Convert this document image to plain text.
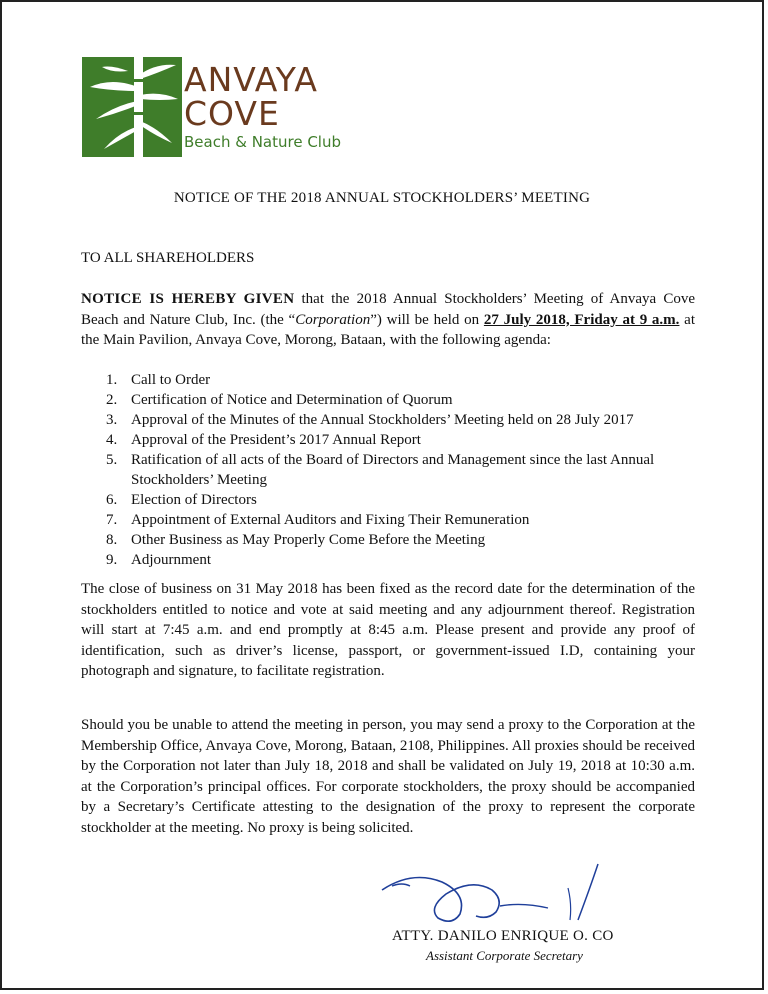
ANVAYA
COVE
Beach & Nature Club
NOTICE OF THE 2018 ANNUAL STOCKHOLDERS’ MEETING
TO ALL SHAREHOLDERS
NOTICE IS HEREBY GIVEN that the 2018 Annual Stockholders’ Meeting of Anvaya Cove Beach and Nature Club, Inc. (the “Corporation”) will be held on 27 July 2018, Friday at 9 a.m. at the Main Pavilion, Anvaya Cove, Morong, Bataan, with the following agenda:
1. Call to Order
2. Certification of Notice and Determination of Quorum
3. Approval of the Minutes of the Annual Stockholders’ Meeting held on 28 July 2017
4. Approval of the President’s 2017 Annual Report
5. Ratification of all acts of the Board of Directors and Management since the last Annual Stockholders’ Meeting
6. Election of Directors
7. Appointment of External Auditors and Fixing Their Remuneration
8. Other Business as May Properly Come Before the Meeting
9. Adjournment
The close of business on 31 May 2018 has been fixed as the record date for the determination of the stockholders entitled to notice and vote at said meeting and any adjournment thereof. Registration will start at 7:45 a.m. and end promptly at 8:45 a.m. Please present and provide any proof of identification, such as driver’s license, passport, or government-issued I.D, containing your photograph and signature, to facilitate registration.
Should you be unable to attend the meeting in person, you may send a proxy to the Corporation at the Membership Office, Anvaya Cove, Morong, Bataan, 2108, Philippines. All proxies should be received by the Corporation not later than July 18, 2018 and shall be validated on July 19, 2018 at 10:30 a.m. at the Corporation’s principal offices. For corporate stockholders, the proxy should be accompanied by a Secretary’s Certificate attesting to the designation of the proxy to represent the corporate stockholder at the meeting. No proxy is being solicited.
ATTY. DANILO ENRIQUE O. CO
Assistant Corporate Secretary
